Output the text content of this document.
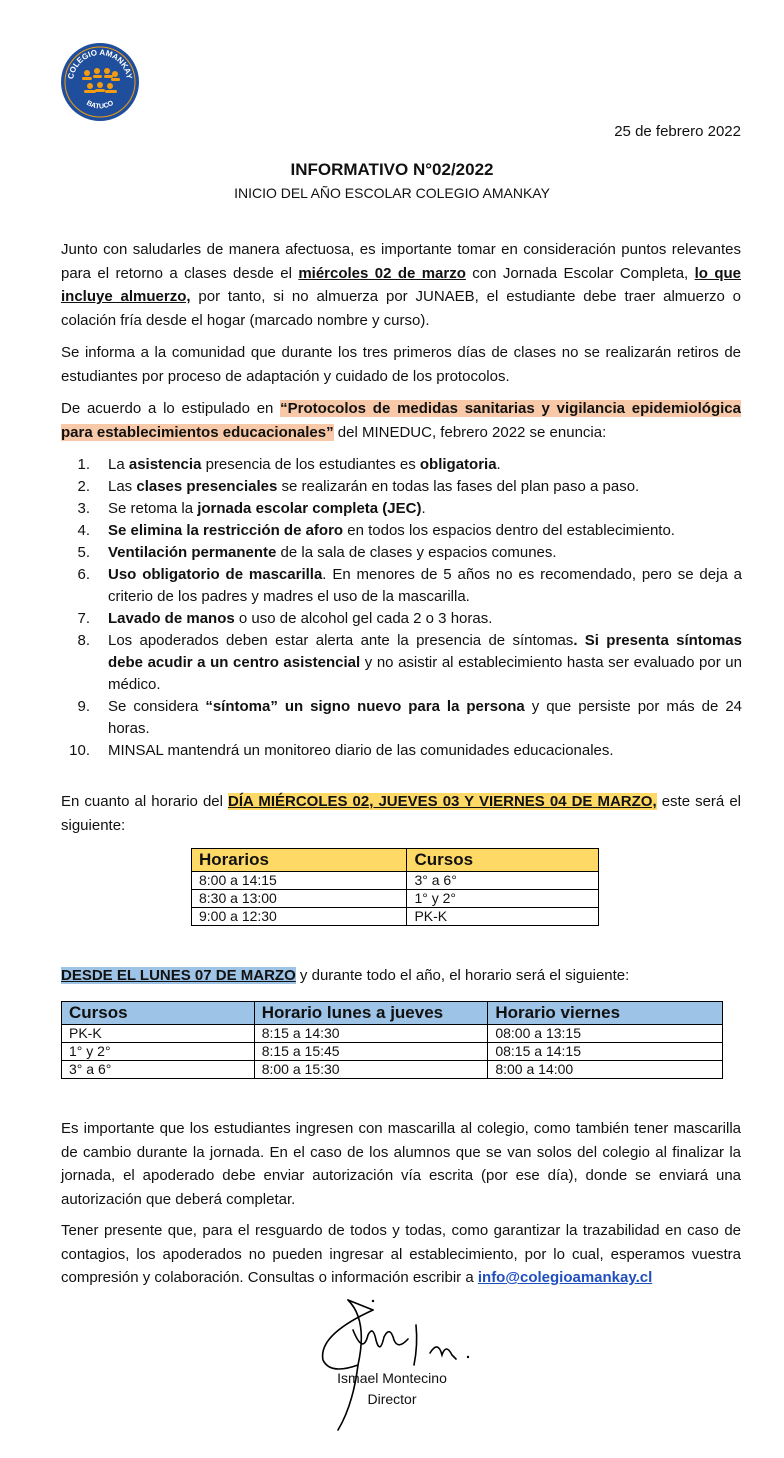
COLEGIO AMANKAY
BATUCO
25 de febrero 2022
INFORMATIVO N°02/2022
INICIO DEL AÑO ESCOLAR COLEGIO AMANKAY

Junto con saludarles de manera afectuosa, es importante tomar en consideración puntos relevantes para el retorno a clases desde el miércoles 02 de marzo con Jornada Escolar Completa, lo que incluye almuerzo, por tanto, si no almuerza por JUNAEB, el estudiante debe traer almuerzo o colación fría desde el hogar (marcado nombre y curso).

Se informa a la comunidad que durante los tres primeros días de clases no se realizarán retiros de estudiantes por proceso de adaptación y cuidado de los protocolos.

De acuerdo a lo estipulado en “Protocolos de medidas sanitarias y vigilancia epidemiológica para establecimientos educacionales” del MINEDUC, febrero 2022 se enuncia:

1.	La asistencia presencia de los estudiantes es obligatoria.
2.	Las clases presenciales se realizarán en todas las fases del plan paso a paso.
3.	Se retoma la jornada escolar completa (JEC).
4.	Se elimina la restricción de aforo en todos los espacios dentro del establecimiento.
5.	Ventilación permanente de la sala de clases y espacios comunes.
6.	Uso obligatorio de mascarilla. En menores de 5 años no es recomendado, pero se deja a criterio de los padres y madres el uso de la mascarilla.
7.	Lavado de manos o uso de alcohol gel cada 2 o 3 horas.
8.	Los apoderados deben estar alerta ante la presencia de síntomas. Si presenta síntomas debe acudir a un centro asistencial y no asistir al establecimiento hasta ser evaluado por un médico.
9.	Se considera “síntoma” un signo nuevo para la persona y que persiste por más de 24 horas.
10.	MINSAL mantendrá un monitoreo diario de las comunidades educacionales.

En cuanto al horario del DÍA MIÉRCOLES 02, JUEVES 03 Y VIERNES 04 DE MARZO, este será el siguiente:

Horarios	Cursos
8:00 a 14:15	3° a 6°
8:30 a 13:00	1° y 2°
9:00 a 12:30	PK-K

DESDE EL LUNES 07 DE MARZO y durante todo el año, el horario será el siguiente:

Cursos	Horario lunes a jueves	Horario viernes
PK-K	8:15 a 14:30	08:00 a 13:15
1° y 2°	8:15 a 15:45	08:15 a 14:15
3° a 6°	8:00 a 15:30	8:00 a 14:00

Es importante que los estudiantes ingresen con mascarilla al colegio, como también tener mascarilla de cambio durante la jornada. En el caso de los alumnos que se van solos del colegio al finalizar la jornada, el apoderado debe enviar autorización vía escrita (por ese día), donde se enviará una autorización que deberá completar.

Tener presente que, para el resguardo de todos y todas, como garantizar la trazabilidad en caso de contagios, los apoderados no pueden ingresar al establecimiento, por lo cual, esperamos vuestra compresión y colaboración. Consultas o información escribir a info@colegioamankay.cl

Ismael Montecino
Director
